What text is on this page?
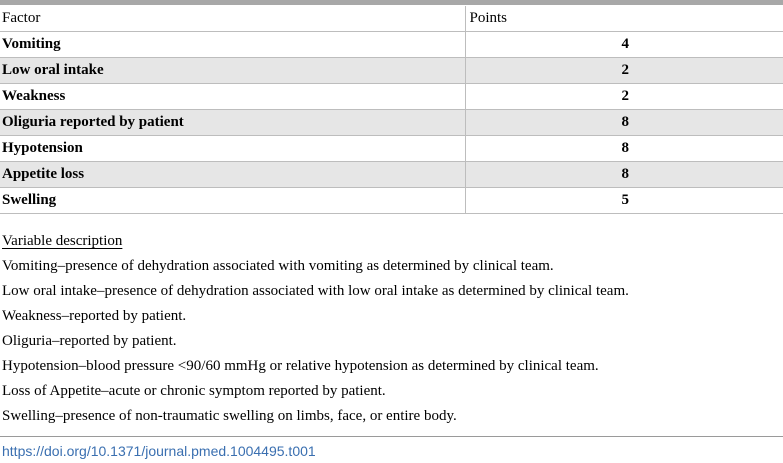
Factor	Points
Vomiting	4
Low oral intake	2
Weakness	2
Oliguria reported by patient	8
Hypotension	8
Appetite loss	8
Swelling	5
Variable description
Vomiting–presence of dehydration associated with vomiting as determined by clinical team.
Low oral intake–presence of dehydration associated with low oral intake as determined by clinical team.
Weakness–reported by patient.
Oliguria–reported by patient.
Hypotension–blood pressure <90/60 mmHg or relative hypotension as determined by clinical team.
Loss of Appetite–acute or chronic symptom reported by patient.
Swelling–presence of non-traumatic swelling on limbs, face, or entire body.
https://doi.org/10.1371/journal.pmed.1004495.t001
